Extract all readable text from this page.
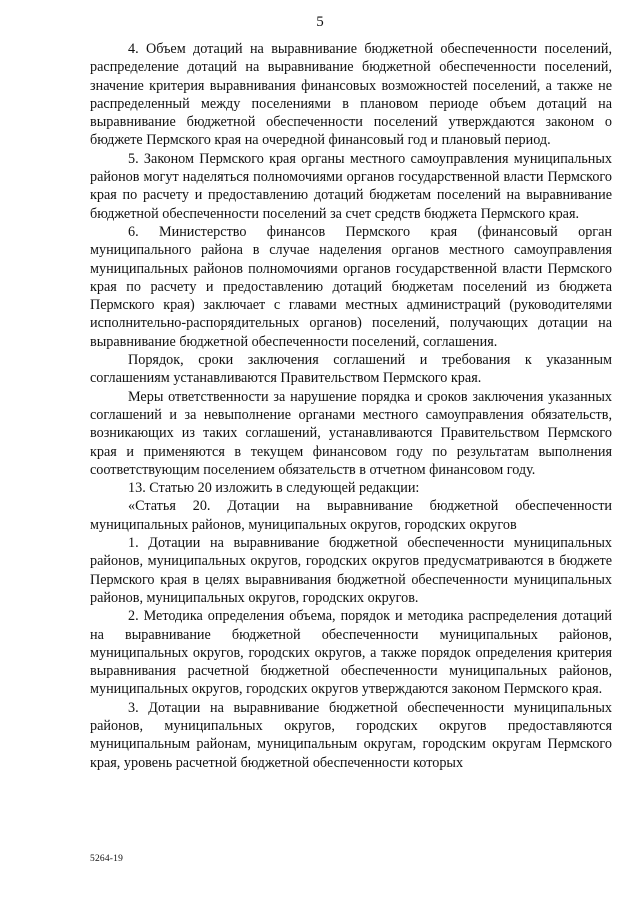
5

4. Объем дотаций на выравнивание бюджетной обеспеченности поселений, распределение дотаций на выравнивание бюджетной обеспеченности поселений, значение критерия выравнивания финансовых возможностей поселений, а также не распределенный между поселениями в плановом периоде объем дотаций на выравнивание бюджетной обеспеченности поселений утверждаются законом о бюджете Пермского края на очередной финансовый год и плановый период.

5. Законом Пермского края органы местного самоуправления муниципальных районов могут наделяться полномочиями органов государственной власти Пермского края по расчету и предоставлению дотаций бюджетам поселений на выравнивание бюджетной обеспеченности поселений за счет средств бюджета Пермского края.

6. Министерство финансов Пермского края (финансовый орган муниципального района в случае наделения органов местного самоуправления муниципальных районов полномочиями органов государственной власти Пермского края по расчету и предоставлению дотаций бюджетам поселений из бюджета Пермского края) заключает с главами местных администраций (руководителями исполнительно-распорядительных органов) поселений, получающих дотации на выравнивание бюджетной обеспеченности поселений, соглашения.

Порядок, сроки заключения соглашений и требования к указанным соглашениям устанавливаются Правительством Пермского края.

Меры ответственности за нарушение порядка и сроков заключения указанных соглашений и за невыполнение органами местного самоуправления обязательств, возникающих из таких соглашений, устанавливаются Правительством Пермского края и применяются в текущем финансовом году по результатам выполнения соответствующим поселением обязательств в отчетном финансовом году.

13. Статью 20 изложить в следующей редакции:

«Статья 20. Дотации на выравнивание бюджетной обеспеченности муниципальных районов, муниципальных округов, городских округов

1. Дотации на выравнивание бюджетной обеспеченности муниципальных районов, муниципальных округов, городских округов предусматриваются в бюджете Пермского края в целях выравнивания бюджетной обеспеченности муниципальных районов, муниципальных округов, городских округов.

2. Методика определения объема, порядок и методика распределения дотаций на выравнивание бюджетной обеспеченности муниципальных районов, муниципальных округов, городских округов, а также порядок определения критерия выравнивания расчетной бюджетной обеспеченности муниципальных районов, муниципальных округов, городских округов утверждаются законом Пермского края.

3. Дотации на выравнивание бюджетной обеспеченности муниципальных районов, муниципальных округов, городских округов предоставляются муниципальным районам, муниципальным округам, городским округам Пермского края, уровень расчетной бюджетной обеспеченности которых

5264-19
